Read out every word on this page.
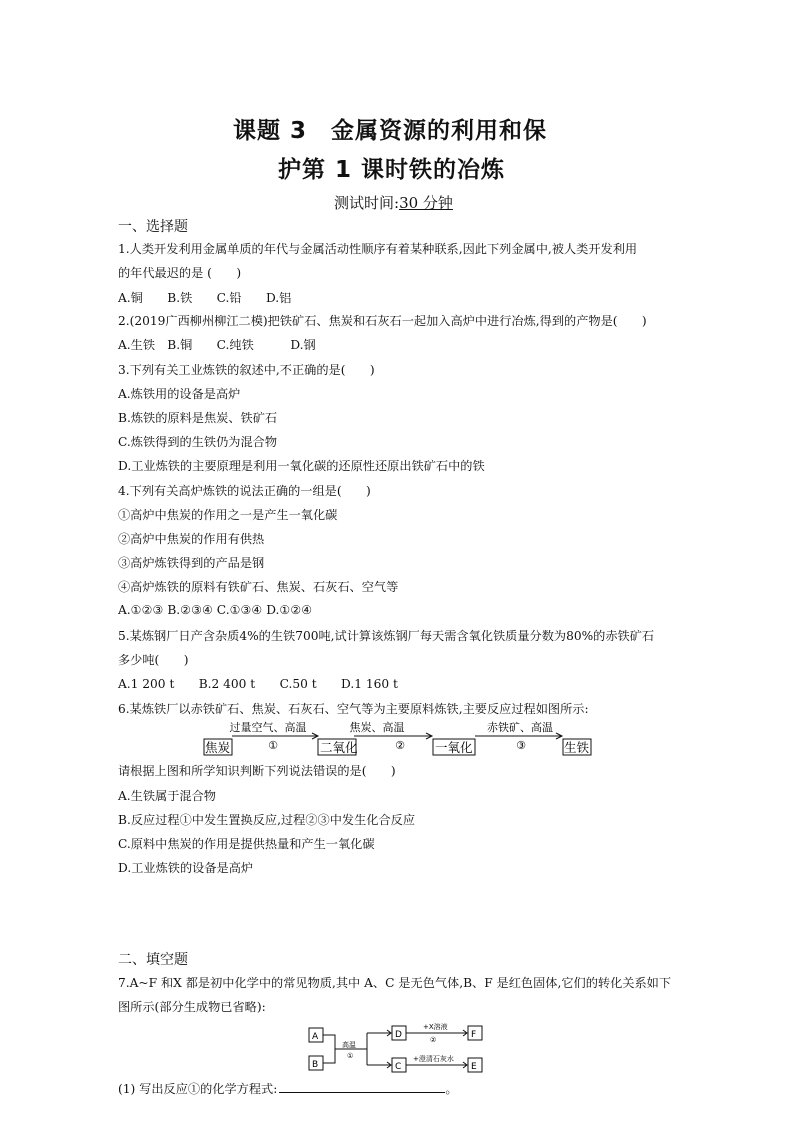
课题 3　金属资源的利用和保
护第 1 课时铁的冶炼
测试时间:30 分钟
一、选择题
1.人类开发利用金属单质的年代与金属活动性顺序有着某种联系,因此下列金属中,被人类开发利用
的年代最迟的是 (　　)
A.铜　　B.铁　　C.铅　　D.铝
2.(2019广西柳州柳江二模)把铁矿石、焦炭和石灰石一起加入高炉中进行冶炼,得到的产物是(　　)
A.生铁　B.铜　　C.纯铁　　　D.钢
3.下列有关工业炼铁的叙述中,不正确的是(　　)
A.炼铁用的设备是高炉
B.炼铁的原料是焦炭、铁矿石
C.炼铁得到的生铁仍为混合物
D.工业炼铁的主要原理是利用一氧化碳的还原性还原出铁矿石中的铁
4.下列有关高炉炼铁的说法正确的一组是(　　)
①高炉中焦炭的作用之一是产生一氧化碳
②高炉中焦炭的作用有供热
③高炉炼铁得到的产品是钢
④高炉炼铁的原料有铁矿石、焦炭、石灰石、空气等
A.①②③ B.②③④ C.①③④ D.①②④
5.某炼钢厂日产含杂质4%的生铁700吨,试计算该炼钢厂每天需含氧化铁质量分数为80%的赤铁矿石
多少吨(　　)
A.1 200 t　　B.2 400 t　　C.50 t　　D.1 160 t
6.某炼铁厂以赤铁矿石、焦炭、石灰石、空气等为主要原料炼铁,主要反应过程如图所示:
过量空气、高温
①
焦炭、高温
②
赤铁矿、高温
③
焦炭	二氧化	一氧化	生铁
请根据上图和所学知识判断下列说法错误的是(　　)
A.生铁属于混合物
B.反应过程①中发生置换反应,过程②③中发生化合反应
C.原料中焦炭的作用是提供热量和产生一氧化碳
D.工业炼铁的设备是高炉
二、填空题
7.A~F 和X 都是初中化学中的常见物质,其中 A、C 是无色气体,B、F 是红色固体,它们的转化关系如下
图所示(部分生成物已省略):
A
B
D
C
F
E
高温
①
+X溶液
②
+澄清石灰水
(1) 写出反应①的化学方程式:	。
